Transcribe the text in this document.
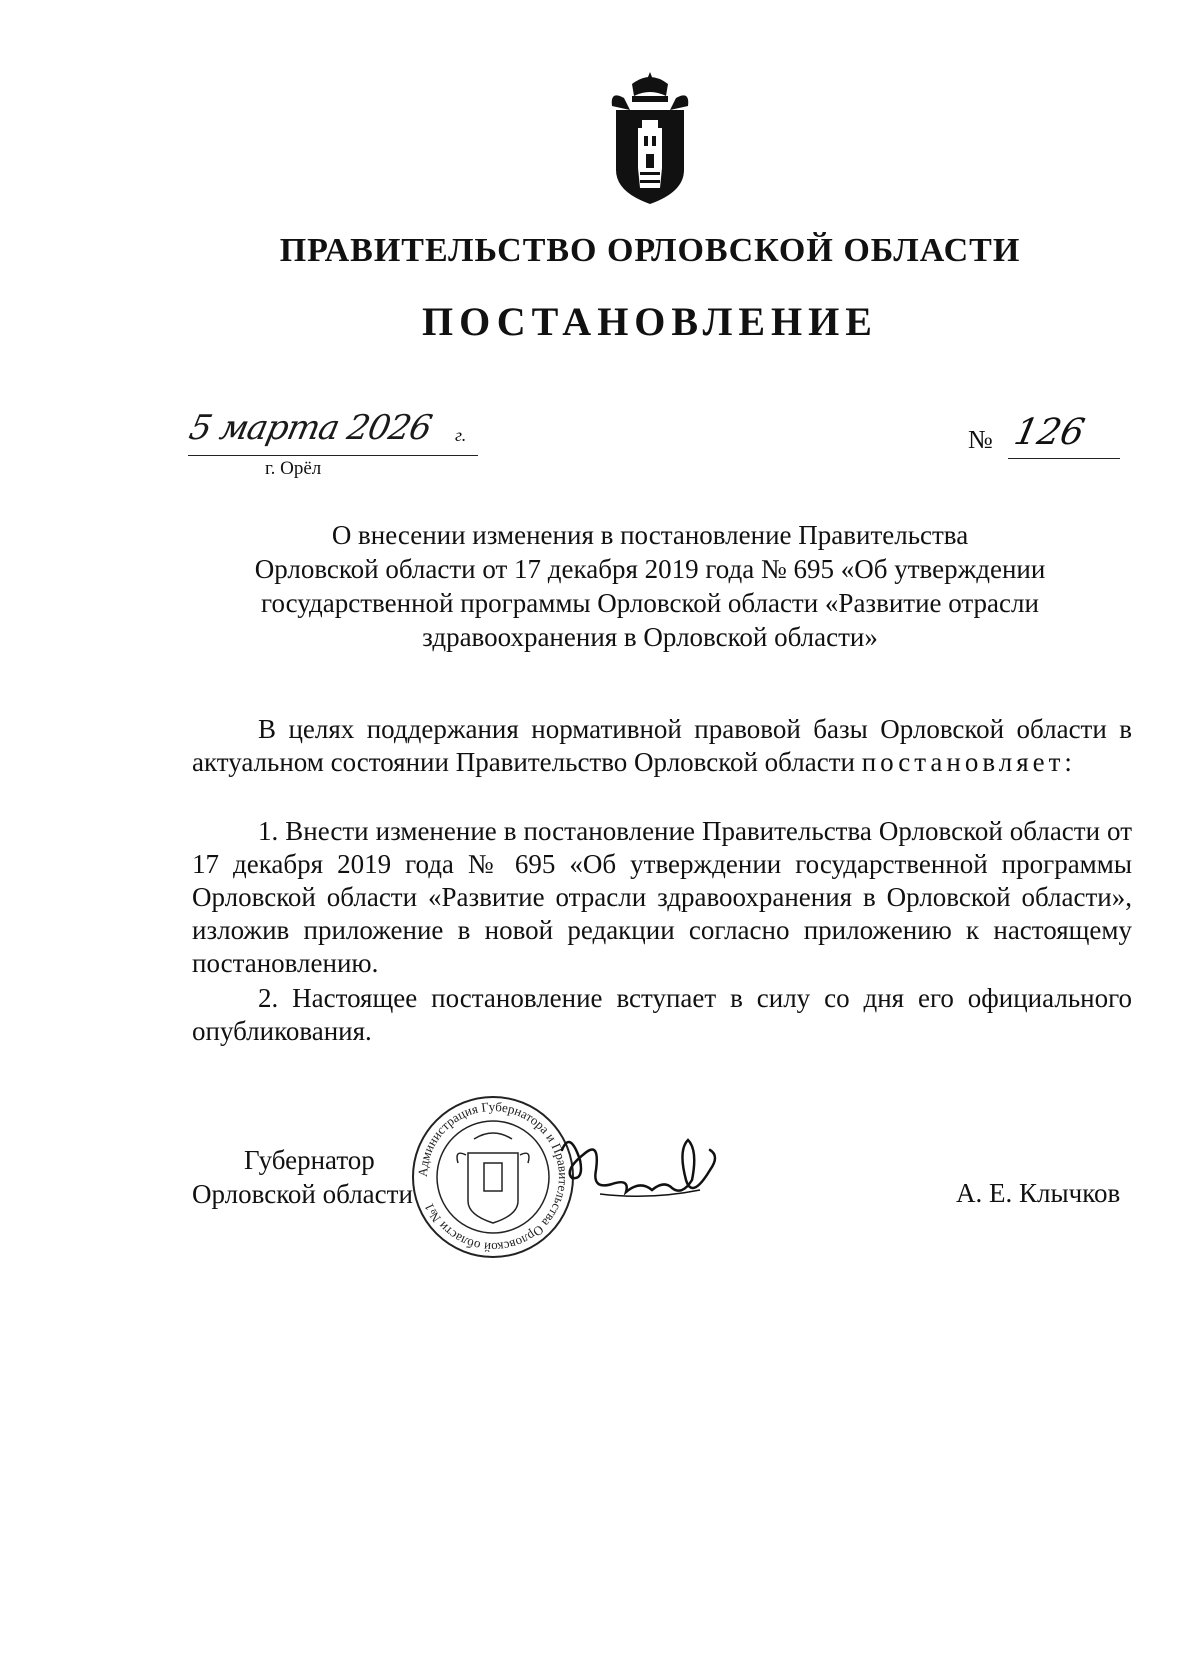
ПРАВИТЕЛЬСТВО ОРЛОВСКОЙ ОБЛАСТИ
ПОСТАНОВЛЕНИЕ
5 марта 2026 г.
г. Орёл
№ 126
О внесении изменения в постановление Правительства
Орловской области от 17 декабря 2019 года № 695 «Об утверждении
государственной программы Орловской области «Развитие отрасли
здравоохранения в Орловской области»
В целях поддержания нормативной правовой базы Орловской области в актуальном состоянии Правительство Орловской области постановляет:
1. Внести изменение в постановление Правительства Орловской области от 17 декабря 2019 года № 695 «Об утверждении государственной программы Орловской области «Развитие отрасли здравоохранения в Орловской области», изложив приложение в новой редакции согласно приложению к настоящему постановлению.
2. Настоящее постановление вступает в силу со дня его официального опубликования.
Губернатор
Орловской области
Администрация Губернатора и Правительства Орловской области №1	А. Е. Клычков
